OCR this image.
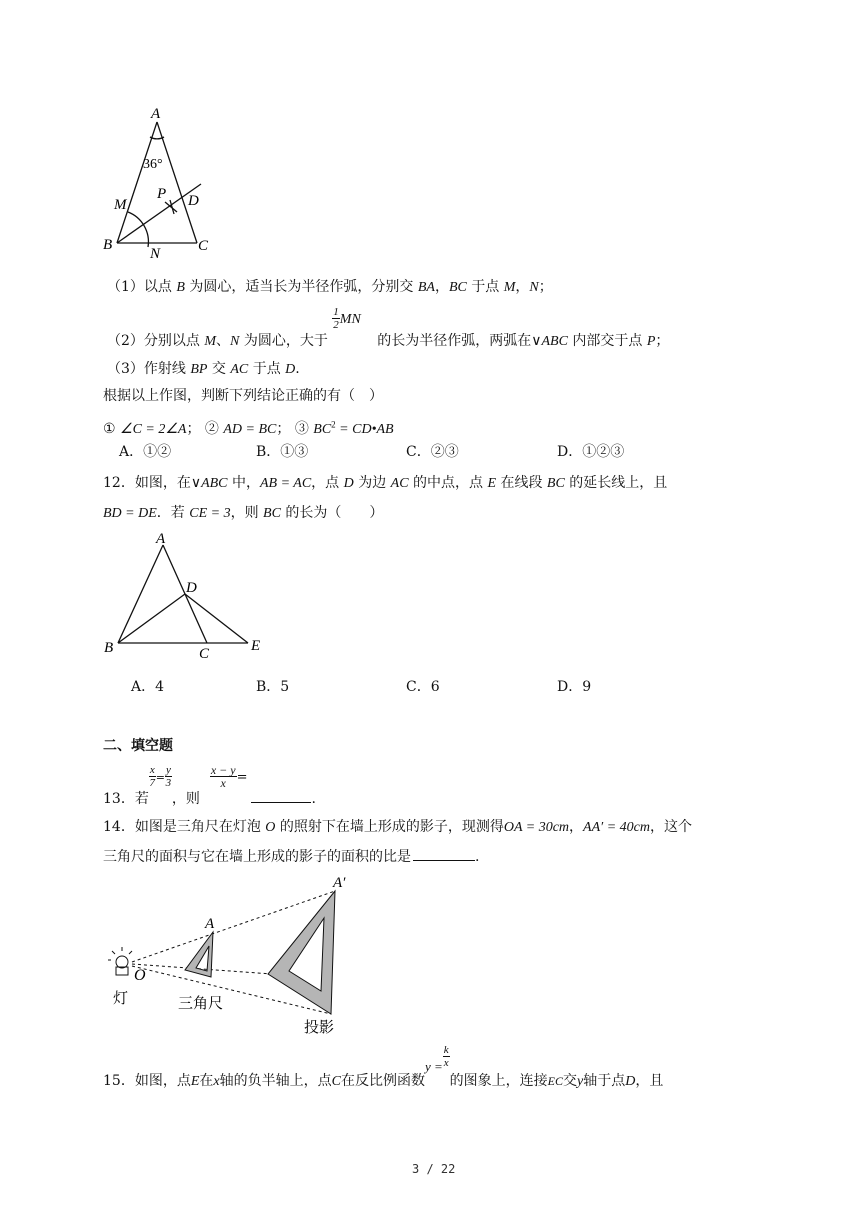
A
36°
P D
M
B
N	C
（1）以点 B 为圆心，适当长为半径作弧，分别交 BA，BC 于点 M，N；
（2）分别以点 M、N 为圆心，大于
$\frac{1}{2}$ MN 的长为半径作弧，两弧在∨ABC 内部交于点 P；
（3）作射线 BP 交 AC 于点 D.
根据以上作图，判断下列结论正确的有（　）
① ∠C = 2∠A； ② AD = BC； ③ $BC^2$ = CD•AB
A．①②	B．①③	C．②③	D．①②③
12．如图，在∨ABC 中，AB = AC，点 D 为边 AC 的中点，点 E 在线段 BC 的延长线上，且
BD = DE．若 CE = 3，则 BC 的长为（　　）
A
D
B	C	E
A．4	B．5	C．6	D．9
二、填空题
13．若
$\frac{x}{7} = \frac{y}{3}$
，则
$\frac{x - y}{x}$ =.
14．如图是三角尺在灯泡 O 的照射下在墙上形成的影子，现测得OA = 30cm，AA′ = 40cm，这个
三角尺的面积与它在墙上形成的影子的面积的比是	.
A′
A
O
灯	三角尺
投影
15．如图，点E在x轴的负半轴上，点C在反比例函数$y = \frac{k}{x}$
的图象上，连接EC交y轴于点D，且
3 / 22
